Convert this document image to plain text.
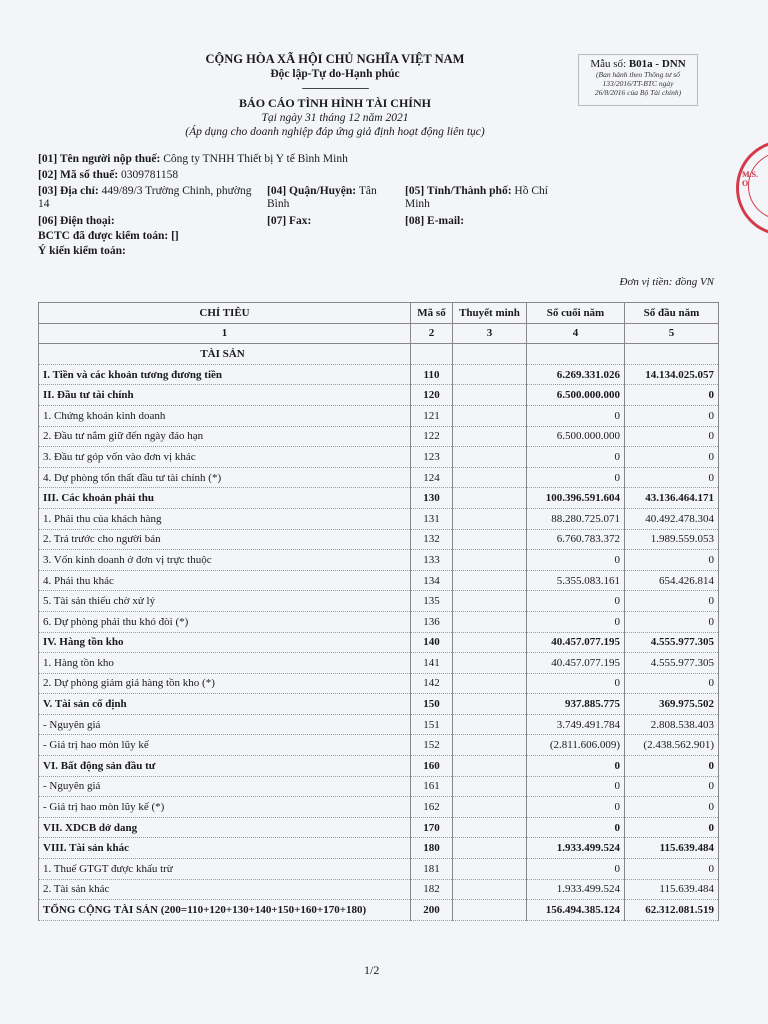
CỘNG HÒA XÃ HỘI CHỦ NGHĨA VIỆT NAM
Độc lập-Tự do-Hạnh phúc
-------------------------
BÁO CÁO TÌNH HÌNH TÀI CHÍNH
Tại ngày 31 tháng 12 năm 2021
(Áp dụng cho doanh nghiệp đáp ứng giả định hoạt động liên tục)
Mẫu số: B01a - DNN
(Ban hành theo Thông tư số
133/2016/TT-BTC ngày
26/8/2016 của Bộ Tài chính)
M.S.O
[01] Tên người nộp thuế: Công ty TNHH Thiết bị Y tế Bình Minh
[02] Mã số thuế: 0309781158
[03] Địa chỉ: 449/89/3 Trường Chinh, phường
14
[04] Quận/Huyện: Tân
Bình
[05] Tỉnh/Thành phố: Hồ Chí
Minh
[06] Điện thoại:	[07] Fax:	[08] E-mail:
BCTC đã được kiểm toán: []
Ý kiến kiểm toán:
Đơn vị tiền: đồng VN
CHỈ TIÊU	Mã số	Thuyết minh	Số cuối năm	Số đầu năm
1	2	3	4	5
TÀI SẢN				
I. Tiền và các khoản tương đương tiền	110		6.269.331.026	14.134.025.057
II. Đầu tư tài chính	120		6.500.000.000	0
1. Chứng khoán kinh doanh	121		0	0
2. Đầu tư nắm giữ đến ngày đáo hạn	122		6.500.000.000	0
3. Đầu tư góp vốn vào đơn vị khác	123		0	0
4. Dự phòng tổn thất đầu tư tài chính (*)	124		0	0
III. Các khoản phải thu	130		100.396.591.604	43.136.464.171
1. Phải thu của khách hàng	131		88.280.725.071	40.492.478.304
2. Trả trước cho người bán	132		6.760.783.372	1.989.559.053
3. Vốn kinh doanh ở đơn vị trực thuộc	133		0	0
4. Phải thu khác	134		5.355.083.161	654.426.814
5. Tài sản thiếu chờ xử lý	135		0	0
6. Dự phòng phải thu khó đòi (*)	136		0	0
IV. Hàng tồn kho	140		40.457.077.195	4.555.977.305
1. Hàng tồn kho	141		40.457.077.195	4.555.977.305
2. Dự phòng giảm giá hàng tồn kho (*)	142		0	0
V. Tài sản cố định	150		937.885.775	369.975.502
- Nguyên giá	151		3.749.491.784	2.808.538.403
- Giá trị hao mòn lũy kế	152		(2.811.606.009)	(2.438.562.901)
VI. Bất động sản đầu tư	160		0	0
- Nguyên giá	161		0	0
- Giá trị hao mòn lũy kế (*)	162		0	0
VII. XDCB dở dang	170		0	0
VIII. Tài sản khác	180		1.933.499.524	115.639.484
1. Thuế GTGT được khấu trừ	181		0	0
2. Tài sản khác	182		1.933.499.524	115.639.484
TỔNG CỘNG TÀI SẢN (200=110+120+130+140+150+160+170+180)	200		156.494.385.124	62.312.081.519
1/2
